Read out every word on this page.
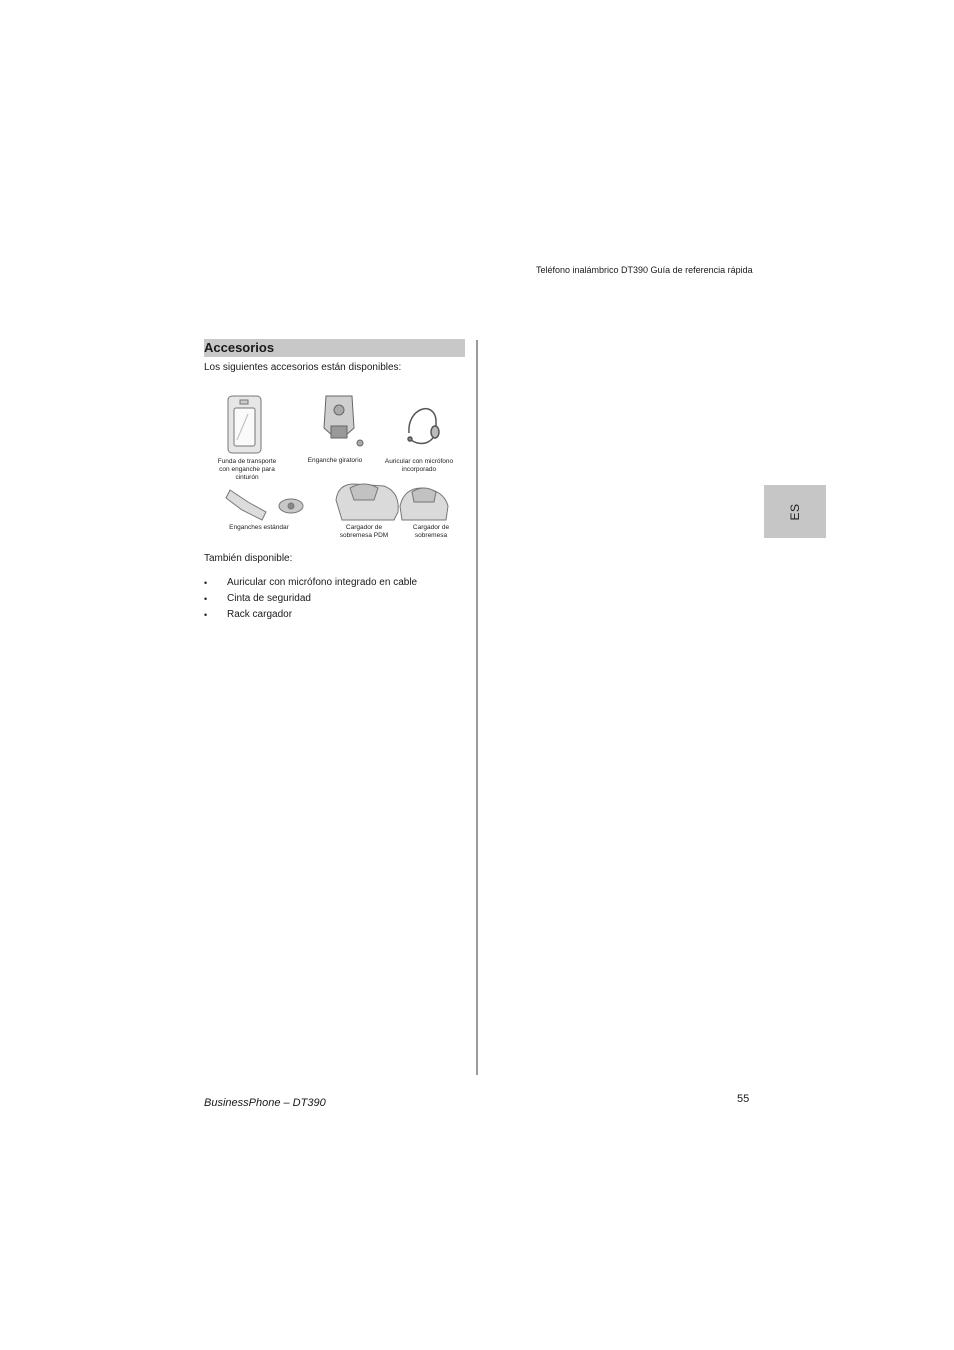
Teléfono inalámbrico DT390 Guía de referencia rápida
ES
Accesorios
Los siguientes accesorios están disponibles:
Funda de transporte
con enganche para
cinturón
Enganche giratorio	Auricular con micrófono
incorporado
Enganches estándar	Cargador de
sobremesa PDM
Cargador de
sobremesa
También disponible:
• Auricular con micrófono integrado en cable
• Cinta de seguridad
• Rack cargador
BusinessPhone – DT390	55
